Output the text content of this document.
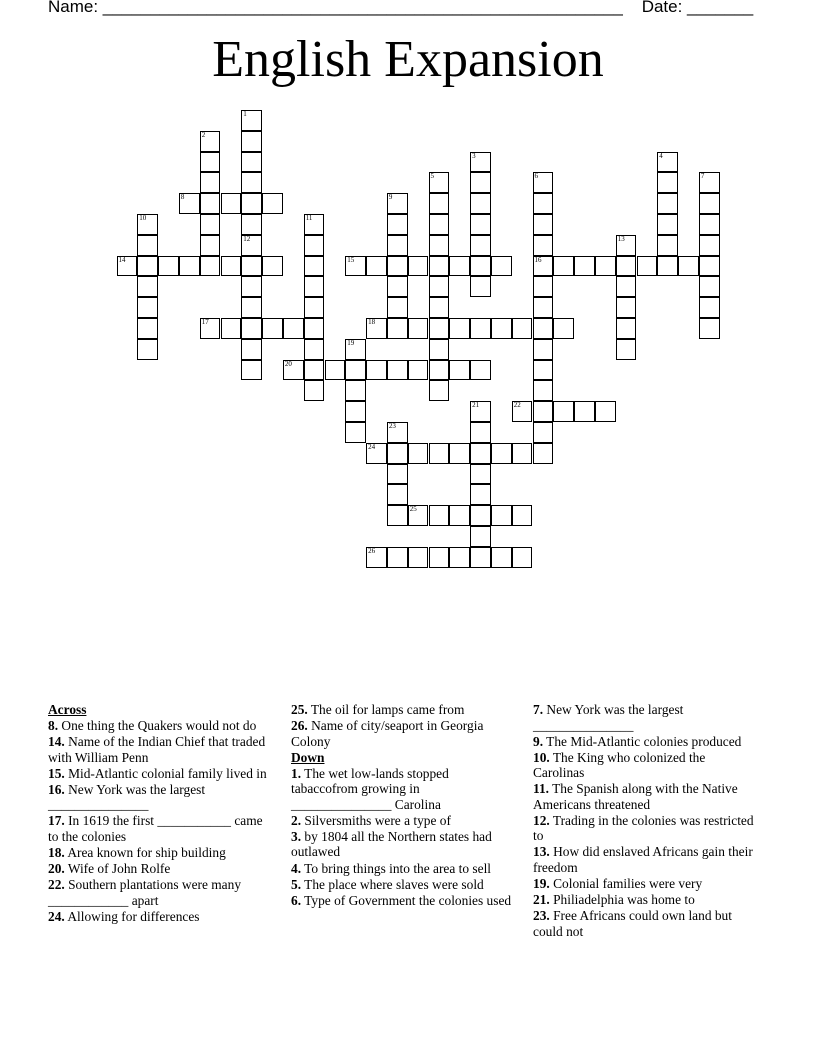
Name: _______________________________________________________    Date: _______
English Expansion
1
12
2
3	4
5	6
16
7
8	9
10	11
13
14	15
17	18
19
20
21	22
23
24
25
26
Across
8. One thing the Quakers would not do
14. Name of the Indian Chief that traded with William Penn
15. Mid-Atlantic colonial family lived in
16. New York was the largest _______________
17. In 1619 the first ___________ came to the colonies
18. Area known for ship building
20. Wife of John Rolfe
22. Southern plantations were many ____________ apart
24. Allowing for differences
25. The oil for lamps came from
26. Name of city/seaport in Georgia Colony
Down
1. The wet low-lands stopped tabaccofrom growing in _______________ Carolina
2. Silversmiths were a type of
3. by 1804 all the Northern states had outlawed
4. To bring things into the area to sell
5. The place where slaves were sold
6. Type of Government the colonies used
7. New York was the largest _______________
9. The Mid-Atlantic colonies produced
10. The King who colonized the Carolinas
11. The Spanish along with the Native Americans threatened
12. Trading in the colonies was restricted to
13. How did enslaved Africans gain their freedom
19. Colonial families were very
21. Philiadelphia was home to
23. Free Africans could own land but could not
